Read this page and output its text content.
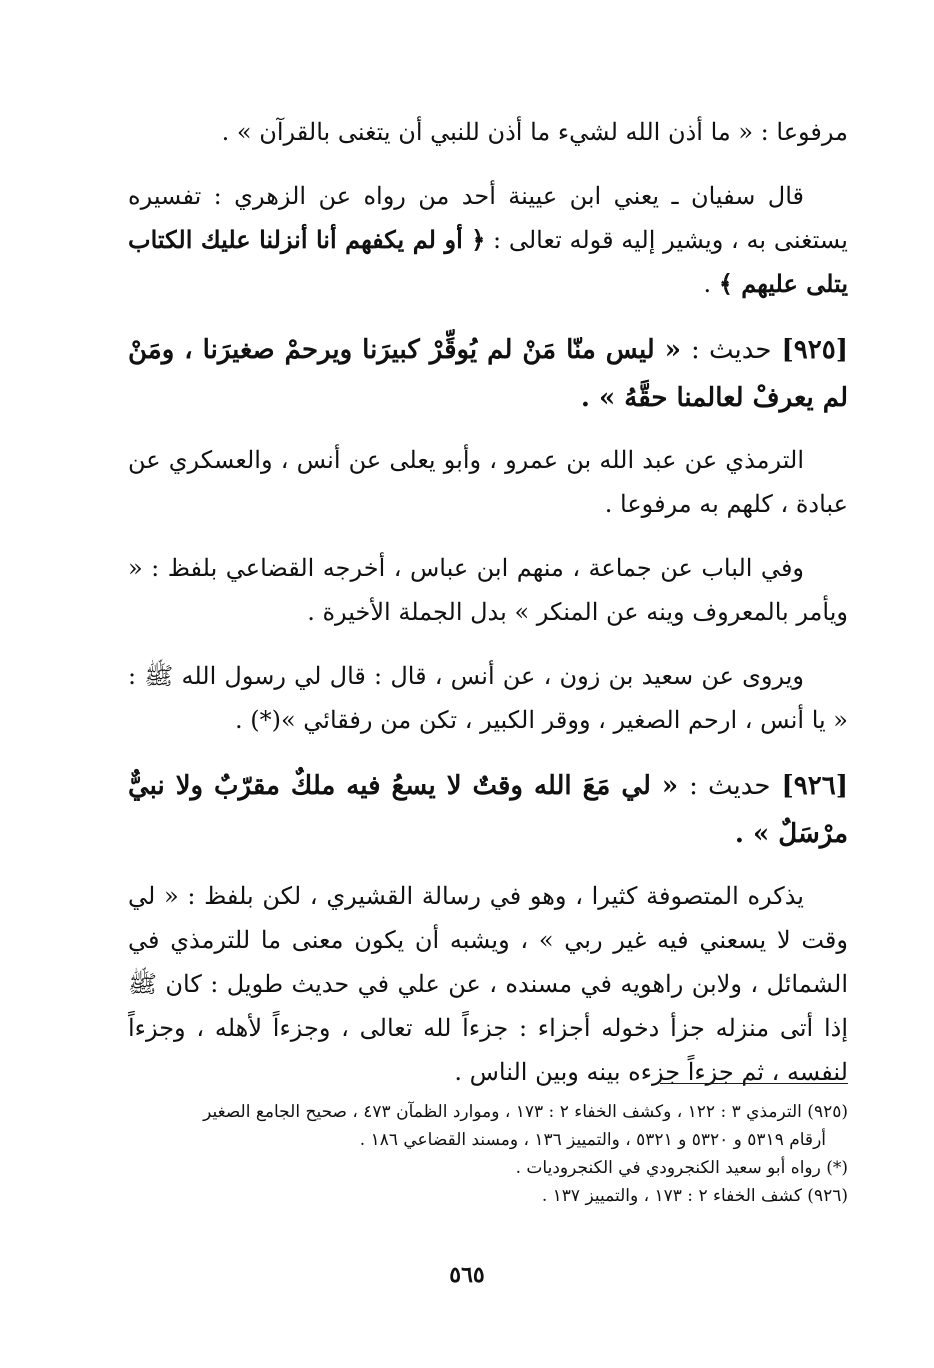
مرفوعا : « ما أذن الله لشيء ما أذن للنبي أن يتغنى بالقرآن » .

قال سفيان ـ يعني ابن عيينة أحد من رواه عن الزهري : تفسيره يستغنى به ، ويشير إليه قوله تعالى : ﴿ أو لم يكفهم أنا أنزلنا عليك الكتاب يتلى عليهم ﴾ .

[٩٢٥] حديث : « ليس منّا مَنْ لم يُوقِّرْ كبيرَنا ويرحمْ صغيرَنا ، ومَنْ لم يعرفْ لعالمنا حقَّهُ » .

الترمذي عن عبد الله بن عمرو ، وأبو يعلى عن أنس ، والعسكري عن عبادة ، كلهم به مرفوعا .

وفي الباب عن جماعة ، منهم ابن عباس ، أخرجه القضاعي بلفظ : « ويأمر بالمعروف وينه عن المنكر » بدل الجملة الأخيرة .

ويروى عن سعيد بن زون ، عن أنس ، قال : قال لي رسول الله ﷺ : « يا أنس ، ارحم الصغير ، ووقر الكبير ، تكن من رفقائي »(*) .

[٩٢٦] حديث : « لي مَعَ الله وقتٌ لا يسعُ فيه ملكٌ مقرّبٌ ولا نبيٌّ مرْسَلٌ » .

يذكره المتصوفة كثيرا ، وهو في رسالة القشيري ، لكن بلفظ : « لي وقت لا يسعني فيه غير ربي » ، ويشبه أن يكون معنى ما للترمذي في الشمائل ، ولابن راهويه في مسنده ، عن علي في حديث طويل : كان ﷺ إذا أتى منزله جزأ دخوله أجزاء : جزءاً لله تعالى ، وجزءاً لأهله ، وجزءاً لنفسه ، ثم جزءاً جزءه بينه وبين الناس .

(٩٢٥) الترمذي ٣ : ١٢٢ ، وكشف الخفاء ٢ : ١٧٣ ، وموارد الظمآن ٤٧٣ ، صحيح الجامع الصغير

أرقام ٥٣١٩ و ٥٣٢٠ و ٥٣٢١ ، والتمييز ١٣٦ ، ومسند القضاعي ١٨٦ .

(*) رواه أبو سعيد الكنجرودي في الكنجروديات .

(٩٢٦) كشف الخفاء ٢ : ١٧٣ ، والتمييز ١٣٧ .

٥٦٥
